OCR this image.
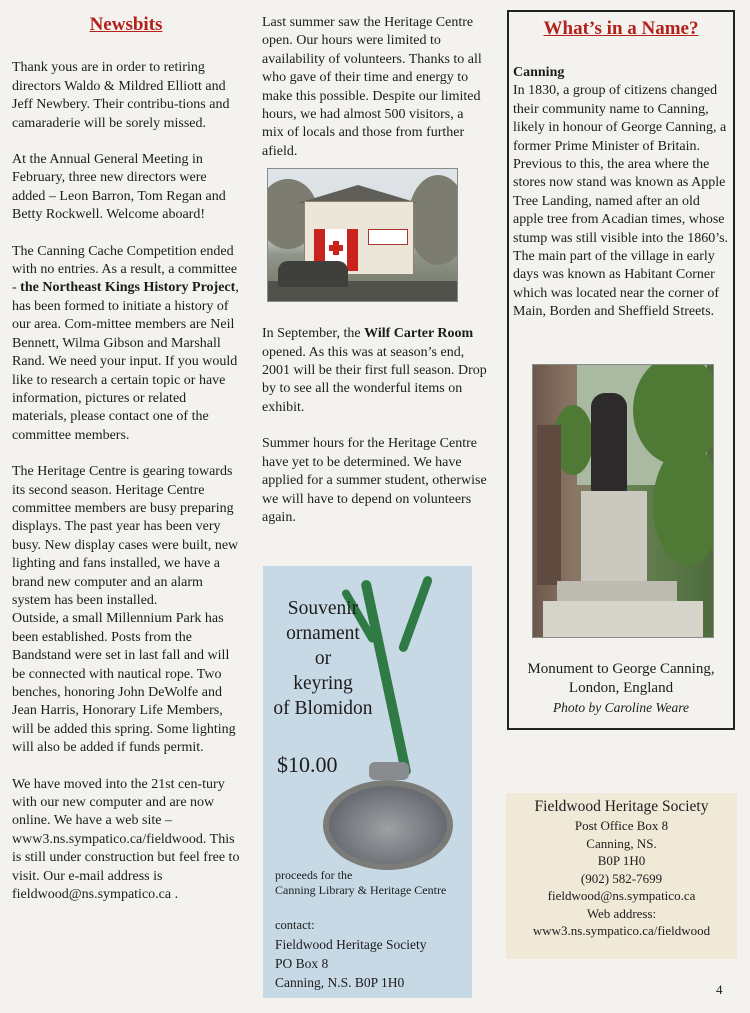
Newsbits

Thank yous are in order to retiring directors Waldo & Mildred Elliott and Jeff Newbery. Their contribu-tions and camaraderie will be sorely missed.

At the Annual General Meeting in February, three new directors were added – Leon Barron, Tom Regan and Betty Rockwell. Welcome aboard!

The Canning Cache Competition ended with no entries. As a result, a committee - the Northeast Kings History Project, has been formed to initiate a history of our area. Com-mittee members are Neil Bennett, Wilma Gibson and Marshall Rand. We need your input. If you would like to research a certain topic or have information, pictures or related materials, please contact one of the committee members.

The Heritage Centre is gearing towards its second season. Heritage Centre committee members are busy preparing displays. The past year has been very busy. New display cases were built, new lighting and fans installed, we have a brand new computer and an alarm system has been installed.

Outside, a small Millennium Park has been established. Posts from the Bandstand were set in last fall and will be connected with nautical rope. Two benches, honoring John DeWolfe and Jean Harris, Honorary Life Members, will be added this spring. Some lighting will also be added if funds permit.

We have moved into the 21st cen-tury with our new computer and are now online. We have a web site – www3.ns.sympatico.ca/fieldwood. This is still under construction but feel free to visit. Our e-mail address is fieldwood@ns.sympatico.ca .

Last summer saw the Heritage Centre open. Our hours were limited to availability of volunteers. Thanks to all who gave of their time and energy to make this possible. Despite our limited hours, we had almost 500 visitors, a mix of locals and those from further afield.

In September, the Wilf Carter Room opened. As this was at season’s end, 2001 will be their first full season. Drop by to see all the wonderful items on exhibit.

Summer hours for the Heritage Centre have yet to be determined. We have applied for a summer student, otherwise we will have to depend on volunteers again.

Souvenir
ornament
or
keyring
of Blomidon
$10.00
proceeds for the
Canning Library & Heritage Centre
contact:
Fieldwood Heritage Society
PO Box 8
Canning, N.S. B0P 1H0
What’s in a Name?
Canning
In 1830, a group of citizens changed their community name to Canning, likely in honour of George Canning, a former Prime Minister of Britain. Previous to this, the area where the stores now stand was known as Apple Tree Landing, named after an old apple tree from Acadian times, whose stump was still visible into the 1860’s. The main part of the village in early days was known as Habitant Corner which was located near the corner of Main, Borden and Sheffield Streets.
Monument to George Canning,
London, England
Photo by Caroline Weare
Fieldwood Heritage Society
Post Office Box 8
Canning, NS.
B0P 1H0
(902) 582-7699
fieldwood@ns.sympatico.ca
Web address:
www3.ns.sympatico.ca/fieldwood
4
